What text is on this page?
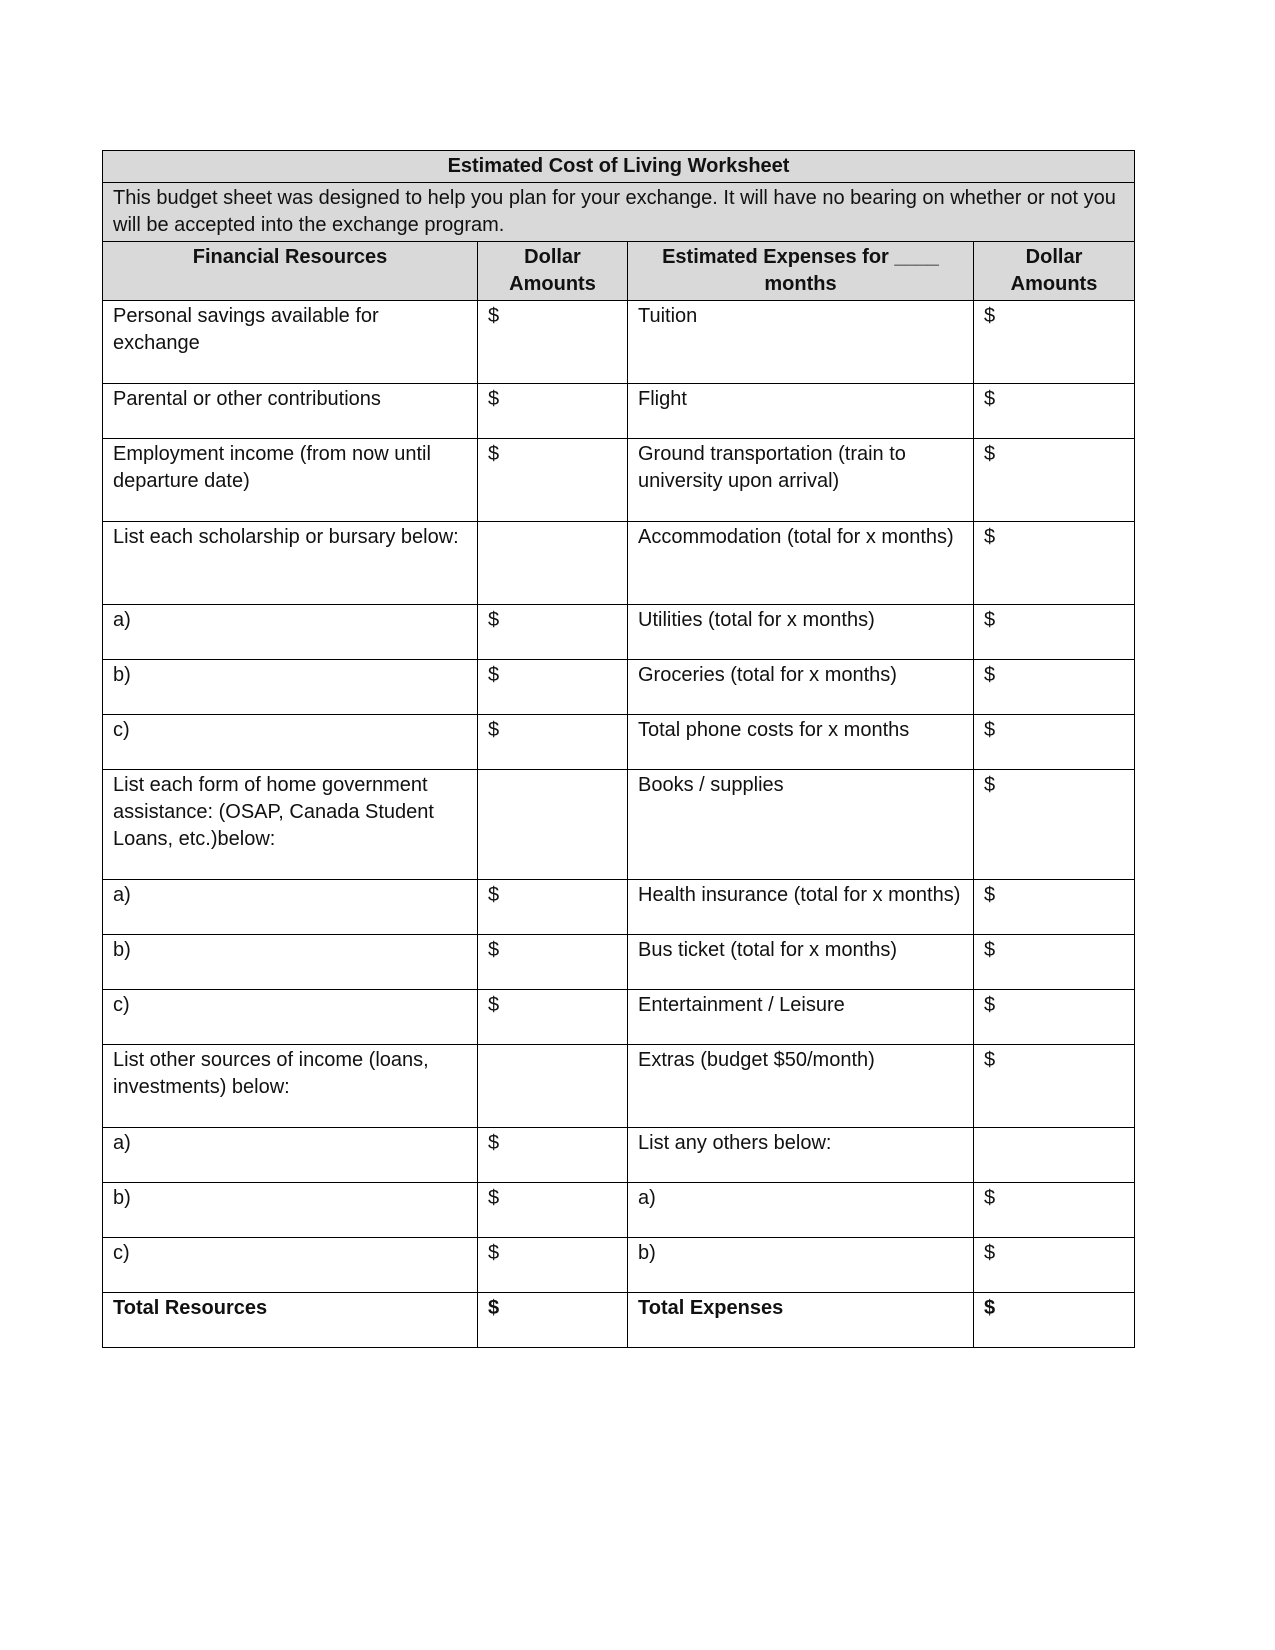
Estimated Cost of Living Worksheet			
This budget sheet was designed to help you plan for your exchange. It will have no bearing on whether or not you will be accepted into the exchange program.			
Financial Resources	Dollar Amounts	Estimated Expenses for ____ months	Dollar Amounts
Personal savings available for exchange	$	Tuition	$
Parental or other contributions	$	Flight	$
Employment income (from now until departure date)	$	Ground transportation (train to university upon arrival)	$
List each scholarship or bursary below:		Accommodation (total for x months)	$
a)	$	Utilities (total for x months)	$
b)	$	Groceries (total for x months)	$
c)	$	Total phone costs for x months	$
List each form of home government assistance: (OSAP, Canada Student Loans, etc.)below:		Books / supplies	$
a)	$	Health insurance (total for x months)	$
b)	$	Bus ticket (total for x months)	$
c)	$	Entertainment / Leisure	$
List other sources of income (loans, investments) below:		Extras (budget $50/month)	$
a)	$	List any others below:	
b)	$	a)	$
c)	$	b)	$
Total Resources	$	Total Expenses	$
